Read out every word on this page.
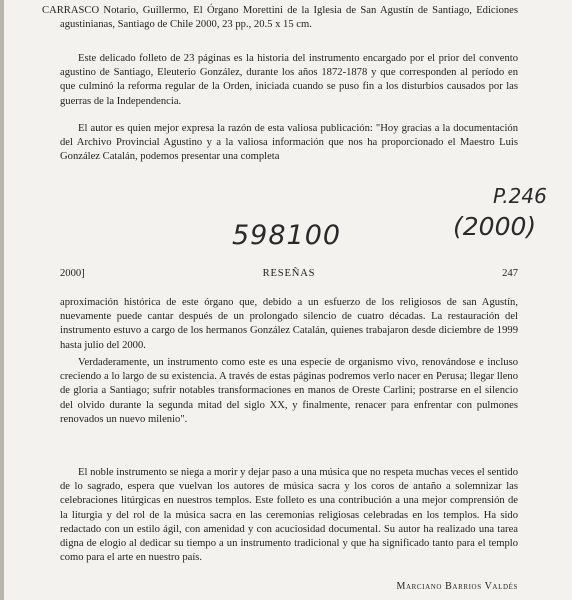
CARRASCO Notario, Guillermo, El Órgano Morettini de la Iglesia de San Agustín de Santiago, Ediciones agustinianas, Santiago de Chile 2000, 23 pp., 20.5 x 15 cm.

Este delicado folleto de 23 páginas es la historia del instrumento encargado por el prior del convento agustino de Santiago, Eleuterio González, durante los años 1872-1878 y que corresponden al período en que culminó la reforma regular de la Orden, iniciada cuando se puso fin a los disturbios causados por las guerras de la Independencia.

El autor es quien mejor expresa la razón de esta valiosa publicación: "Hoy gracias a la documentación del Archivo Provincial Agustino y a la valiosa información que nos ha proporcionado el Maestro Luis González Catalán, podemos presentar una completa

P.246
598100	(2000)
2000]	RESEÑAS	247

aproximación histórica de este órgano que, debido a un esfuerzo de los religiosos de san Agustín, nuevamente puede cantar después de un prolongado silencio de cuatro décadas. La restauración del instrumento estuvo a cargo de los hermanos González Catalán, quienes trabajaron desde diciembre de 1999 hasta julio del 2000.

Verdaderamente, un instrumento como este es una especie de organismo vivo, renovándose e incluso creciendo a lo largo de su existencia. A través de estas páginas podremos verlo nacer en Perusa; llegar lleno de gloria a Santiago; sufrir notables transformaciones en manos de Oreste Carlini; postrarse en el silencio del olvido durante la segunda mitad del siglo XX, y finalmente, renacer para enfrentar con pulmones renovados un nuevo milenio".

El noble instrumento se niega a morir y dejar paso a una música que no respeta muchas veces el sentido de lo sagrado, espera que vuelvan los autores de música sacra y los coros de antaño a solemnizar las celebraciones litúrgicas en nuestros templos. Este folleto es una contribución a una mejor comprensión de la liturgia y del rol de la música sacra en las ceremonias religiosas celebradas en los templos. Ha sido redactado con un estilo ágil, con amenidad y con acuciosidad documental. Su autor ha realizado una tarea digna de elogio al dedicar su tiempo a un instrumento tradicional y que ha significado tanto para el templo como para el arte en nuestro país.

Marciano Barrios Valdés
